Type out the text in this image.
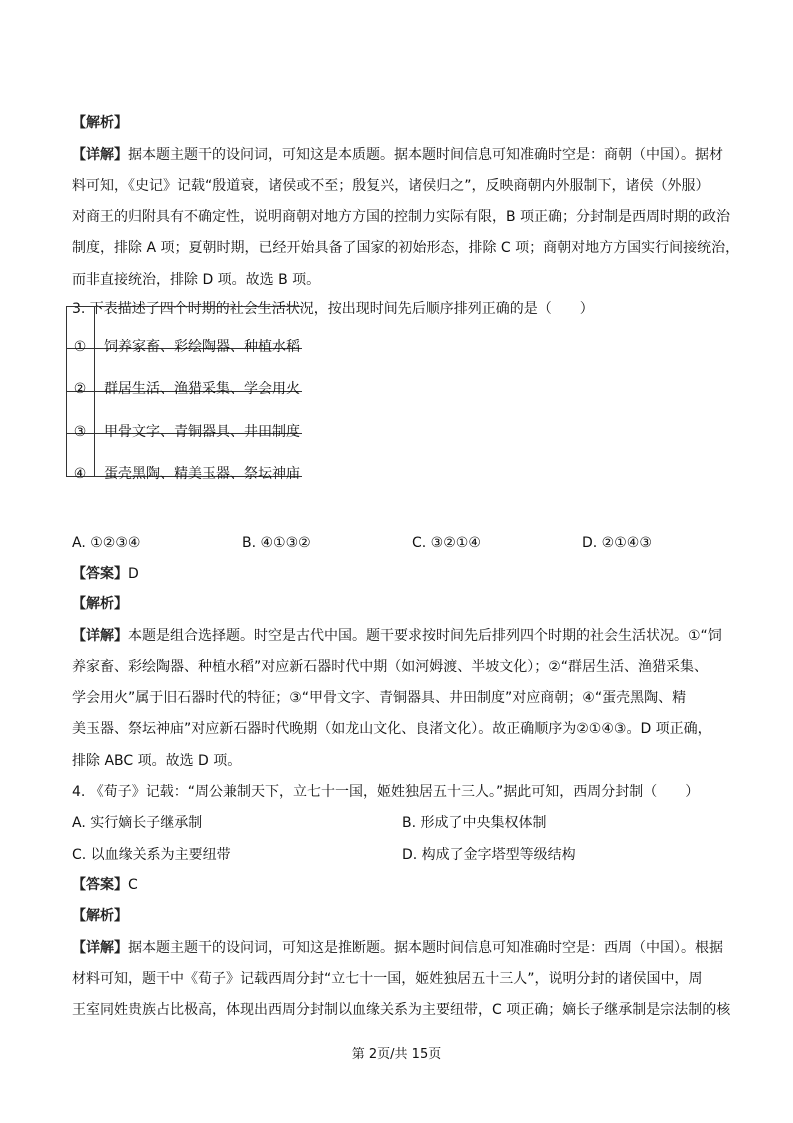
【解析】
【详解】据本题主题干的设问词，可知这是本质题。据本题时间信息可知准确时空是：商朝（中国）。据材
料可知，《史记》记载“殷道衰，诸侯或不至；殷复兴，诸侯归之”，反映商朝内外服制下，诸侯（外服）
对商王的归附具有不确定性，说明商朝对地方方国的控制力实际有限，B 项正确；分封制是西周时期的政治
制度，排除 A 项；夏朝时期，已经开始具备了国家的初始形态，排除 C 项；商朝对地方方国实行间接统治，
而非直接统治，排除 D 项。故选 B 项。
3. 下表描述了四个时期的社会生活状况，按出现时间先后顺序排列正确的是（　　）
①	饲养家畜、彩绘陶器、种植水稻
②	群居生活、渔猎采集、学会用火
③	甲骨文字、青铜器具、井田制度
④	蛋壳黑陶、精美玉器、祭坛神庙
A. ①②③④	B. ④①③②	C. ③②①④	D. ②①④③
【答案】D
【解析】
【详解】本题是组合选择题。时空是古代中国。题干要求按时间先后排列四个时期的社会生活状况。①“饲
养家畜、彩绘陶器、种植水稻”对应新石器时代中期（如河姆渡、半坡文化）；②“群居生活、渔猎采集、
学会用火”属于旧石器时代的特征；③“甲骨文字、青铜器具、井田制度”对应商朝；④“蛋壳黑陶、精
美玉器、祭坛神庙”对应新石器时代晚期（如龙山文化、良渚文化）。故正确顺序为②①④③。D 项正确，
排除 ABC 项。故选 D 项。
4. 《荀子》记载：“周公兼制天下，立七十一国，姬姓独居五十三人。”据此可知，西周分封制（　　）
A. 实行嫡长子继承制	B. 形成了中央集权体制
C. 以血缘关系为主要纽带	D. 构成了金字塔型等级结构
【答案】C
【解析】
【详解】据本题主题干的设问词，可知这是推断题。据本题时间信息可知准确时空是：西周（中国）。根据
材料可知，题干中《荀子》记载西周分封“立七十一国，姬姓独居五十三人”，说明分封的诸侯国中，周
王室同姓贵族占比极高，体现出西周分封制以血缘关系为主要纽带，C 项正确；嫡长子继承制是宗法制的核
第 2页/共 15页
